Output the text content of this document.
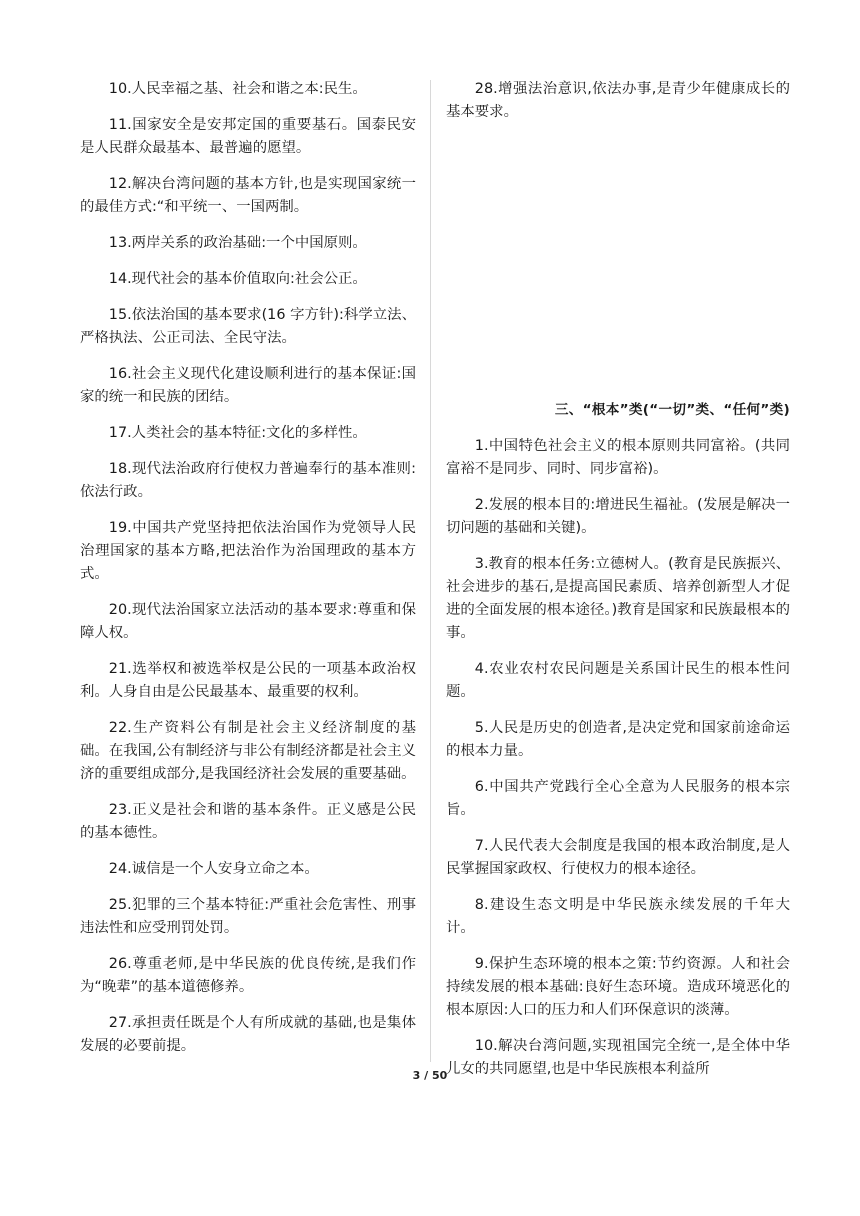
10.人民幸福之基、社会和谐之本:民生。

11.国家安全是安邦定国的重要基石。国泰民安是人民群众最基本、最普遍的愿望。

12.解决台湾问题的基本方针,也是实现国家统一的最佳方式:“和平统一、一国两制。

13.两岸关系的政治基础:一个中国原则。

14.现代社会的基本价值取向:社会公正。

15.依法治国的基本要求(16 字方针):科学立法、严格执法、公正司法、全民守法。

16.社会主义现代化建设顺利进行的基本保证:国家的统一和民族的团结。

17.人类社会的基本特征:文化的多样性。

18.现代法治政府行使权力普遍奉行的基本准则:依法行政。

19.中国共产党坚持把依法治国作为党领导人民治理国家的基本方略,把法治作为治国理政的基本方式。

20.现代法治国家立法活动的基本要求:尊重和保障人权。

21.选举权和被选举权是公民的一项基本政治权利。人身自由是公民最基本、最重要的权利。

22.生产资料公有制是社会主义经济制度的基础。在我国,公有制经济与非公有制经济都是社会主义济的重要组成部分,是我国经济社会发展的重要基础。

23.正义是社会和谐的基本条件。正义感是公民的基本德性。

24.诚信是一个人安身立命之本。

25.犯罪的三个基本特征:严重社会危害性、刑事违法性和应受刑罚处罚。

26.尊重老师,是中华民族的优良传统,是我们作为“晚辈”的基本道德修养。

27.承担责任既是个人有所成就的基础,也是集体发展的必要前提。

28.增强法治意识,依法办事,是青少年健康成长的基本要求。

三、“根本”类(“一切”类、“任何”类)

1.中国特色社会主义的根本原则共同富裕。(共同富裕不是同步、同时、同步富裕)。

2.发展的根本目的:增进民生福祉。(发展是解决一切问题的基础和关键)。

3.教育的根本任务:立德树人。(教育是民族振兴、社会进步的基石,是提高国民素质、培养创新型人才促进的全面发展的根本途径。)教育是国家和民族最根本的事。

4.农业农村农民问题是关系国计民生的根本性问题。

5.人民是历史的创造者,是决定党和国家前途命运的根本力量。

6.中国共产党践行全心全意为人民服务的根本宗旨。

7.人民代表大会制度是我国的根本政治制度,是人民掌握国家政权、行使权力的根本途径。

8.建设生态文明是中华民族永续发展的千年大计。

9.保护生态环境的根本之策:节约资源。人和社会持续发展的根本基础:良好生态环境。造成环境恶化的根本原因:人口的压力和人们环保意识的淡薄。

10.解决台湾问题,实现祖国完全统一,是全体中华儿女的共同愿望,也是中华民族根本利益所

3 / 50
